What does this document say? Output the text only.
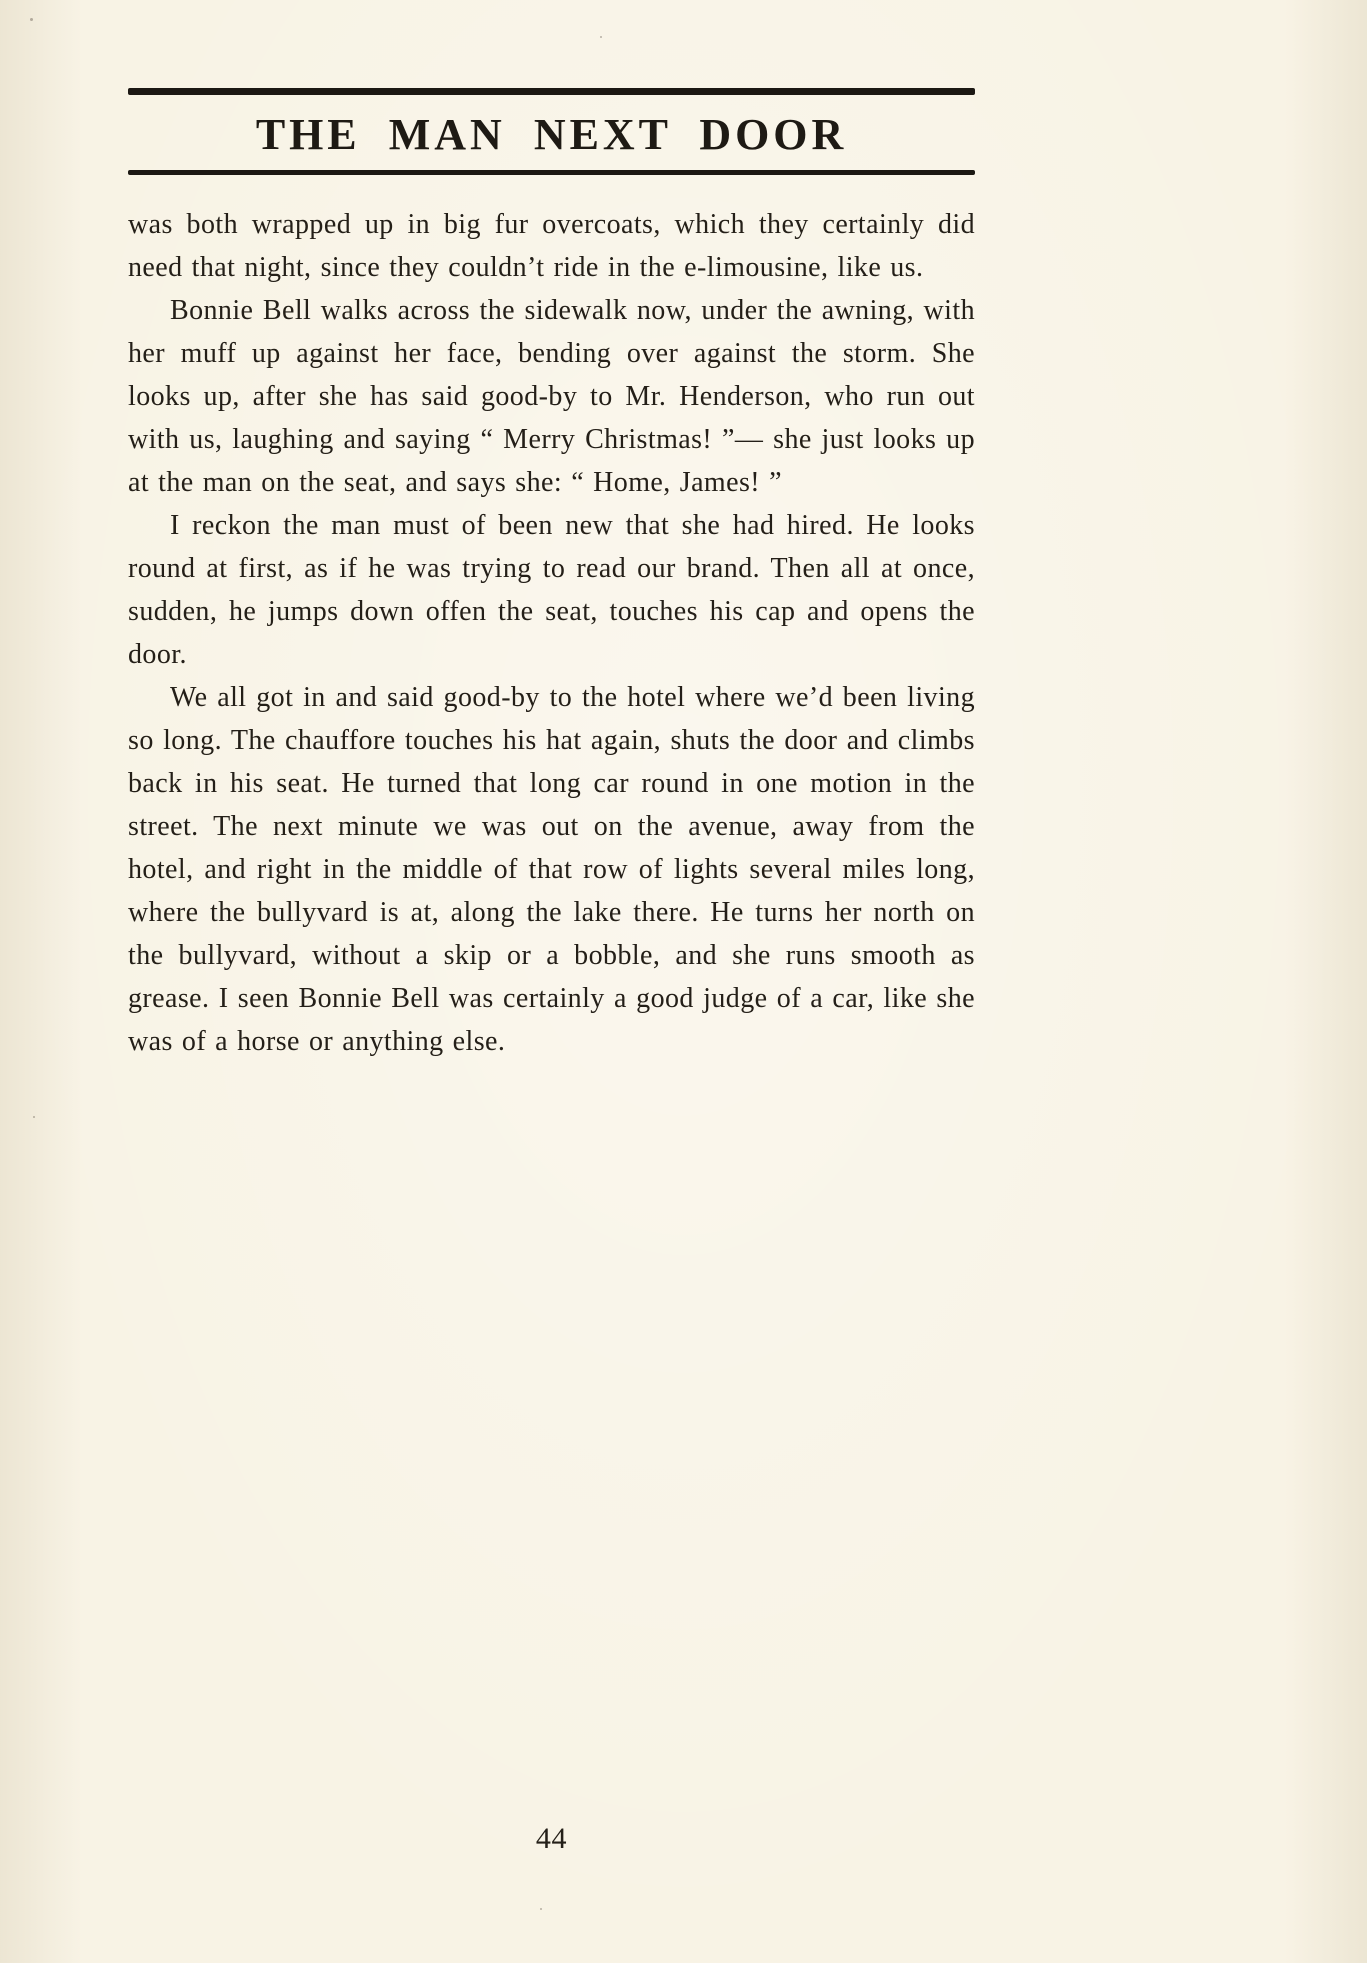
THE MAN NEXT DOOR

was both wrapped up in big fur overcoats, which they certainly did need that night, since they couldn’t ride in the e-limousine, like us.

Bonnie Bell walks across the sidewalk now, under the awning, with her muff up against her face, bending over against the storm. She looks up, after she has said good-by to Mr. Henderson, who run out with us, laughing and saying “ Merry Christmas! ”— she just looks up at the man on the seat, and says she: “ Home, James! ”

I reckon the man must of been new that she had hired. He looks round at first, as if he was trying to read our brand. Then all at once, sudden, he jumps down offen the seat, touches his cap and opens the door.

We all got in and said good-by to the hotel where we’d been living so long. The chauffore touches his hat again, shuts the door and climbs back in his seat. He turned that long car round in one motion in the street. The next minute we was out on the avenue, away from the hotel, and right in the middle of that row of lights several miles long, where the bullyvard is at, along the lake there. He turns her north on the bullyvard, without a skip or a bobble, and she runs smooth as grease. I seen Bonnie Bell was certainly a good judge of a car, like she was of a horse or anything else.

44
